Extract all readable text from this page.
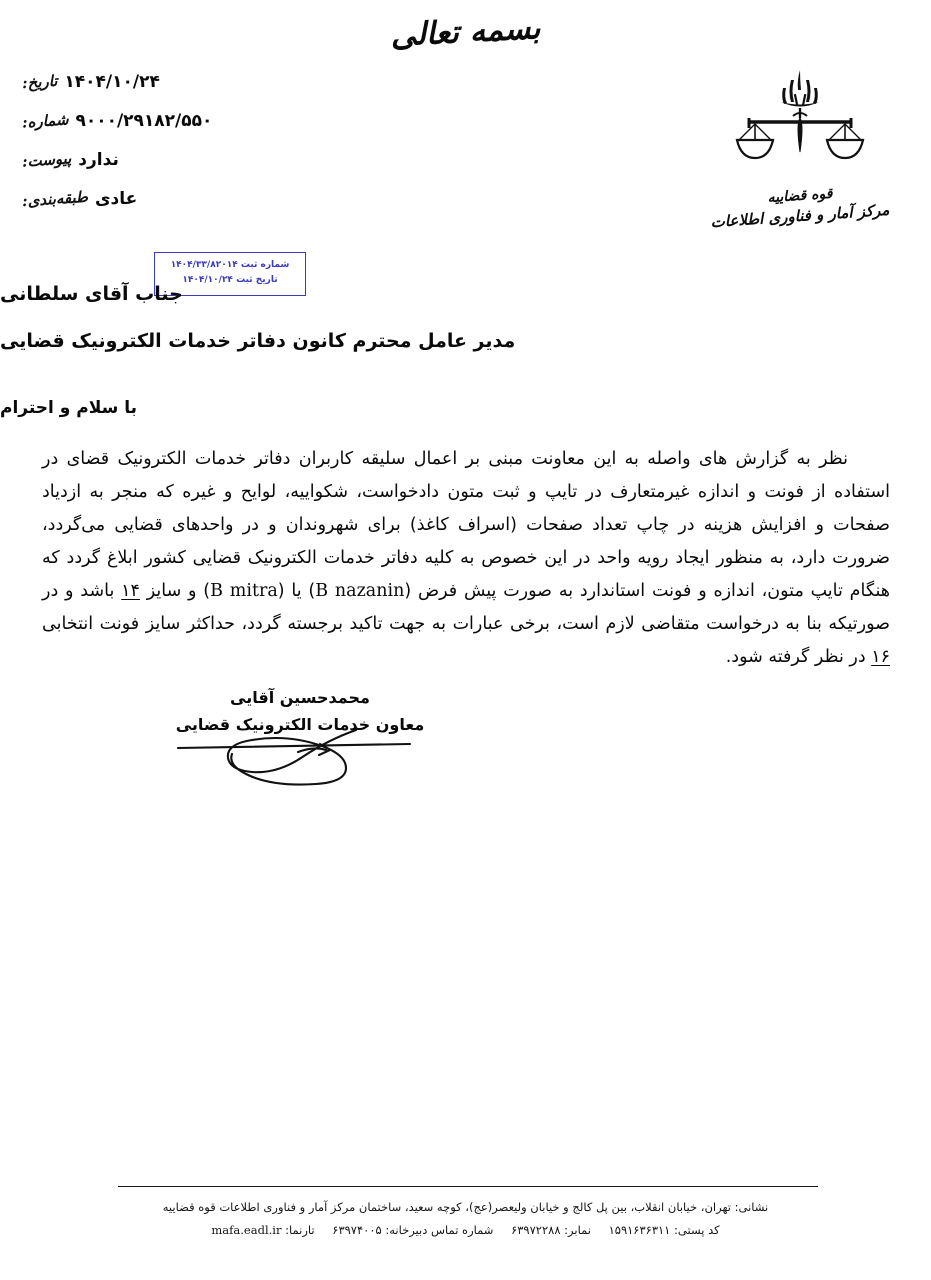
بسمه تعالی
۱۴۰۴/۱۰/۲۴
تاریخ:
۹۰۰۰/۲۹۱۸۲/۵۵۰
شماره:
ندارد
پیوست:
عادی
طبقه‌بندی:	قوه قضاییه
مرکز آمار و فناوری اطلاعات
شماره ثبت ۱۴۰۴/۳۳/۸۲۰۱۴
تاریخ ثبت ۱۴۰۴/۱۰/۲۴
جناب آقای سلطانی
مدیر عامل محترم کانون دفاتر خدمات الکترونیک قضایی
با سلام و احترام
نظر به گزارش های واصله به این معاونت مبنی بر اعمال سلیقه کاربران دفاتر خدمات الکترونیک قضای در استفاده از فونت و اندازه غیرمتعارف در تایپ و ثبت متون دادخواست، شکواییه، لوایح و غیره که منجر به ازدیاد صفحات و افزایش هزینه در چاپ تعداد صفحات (اسراف کاغذ) برای شهروندان و در واحدهای قضایی می‌گردد، ضرورت دارد، به منظور ایجاد رویه واحد در این خصوص به کلیه دفاتر خدمات الکترونیک قضایی کشور ابلاغ گردد که هنگام تایپ متون، اندازه و فونت استاندارد به صورت پیش فرض (B nazanin) یا (B mitra) و سایز ۱۴ باشد و در صورتیکه بنا به درخواست متقاضی لازم است، برخی عبارات به جهت تاکید برجسته گردد، حداکثر سایز فونت انتخابی ۱۶ در نظر گرفته شود.
محمدحسین آقایی
معاون خدمات الکترونیک قضایی
نشانی: تهران، خیابان انقلاب، بین پل کالج و خیابان ولیعصر(عج)، کوچه سعید، ساختمان مرکز آمار و فناوری اطلاعات قوه قضاییه
کد پستی: ۱۵۹۱۶۳۶۳۱۱ نمابر: ۶۳۹۷۲۲۸۸ شماره تماس دبیرخانه: ۶۳۹۷۴۰۰۵ تارنما: mafa.eadl.ir
